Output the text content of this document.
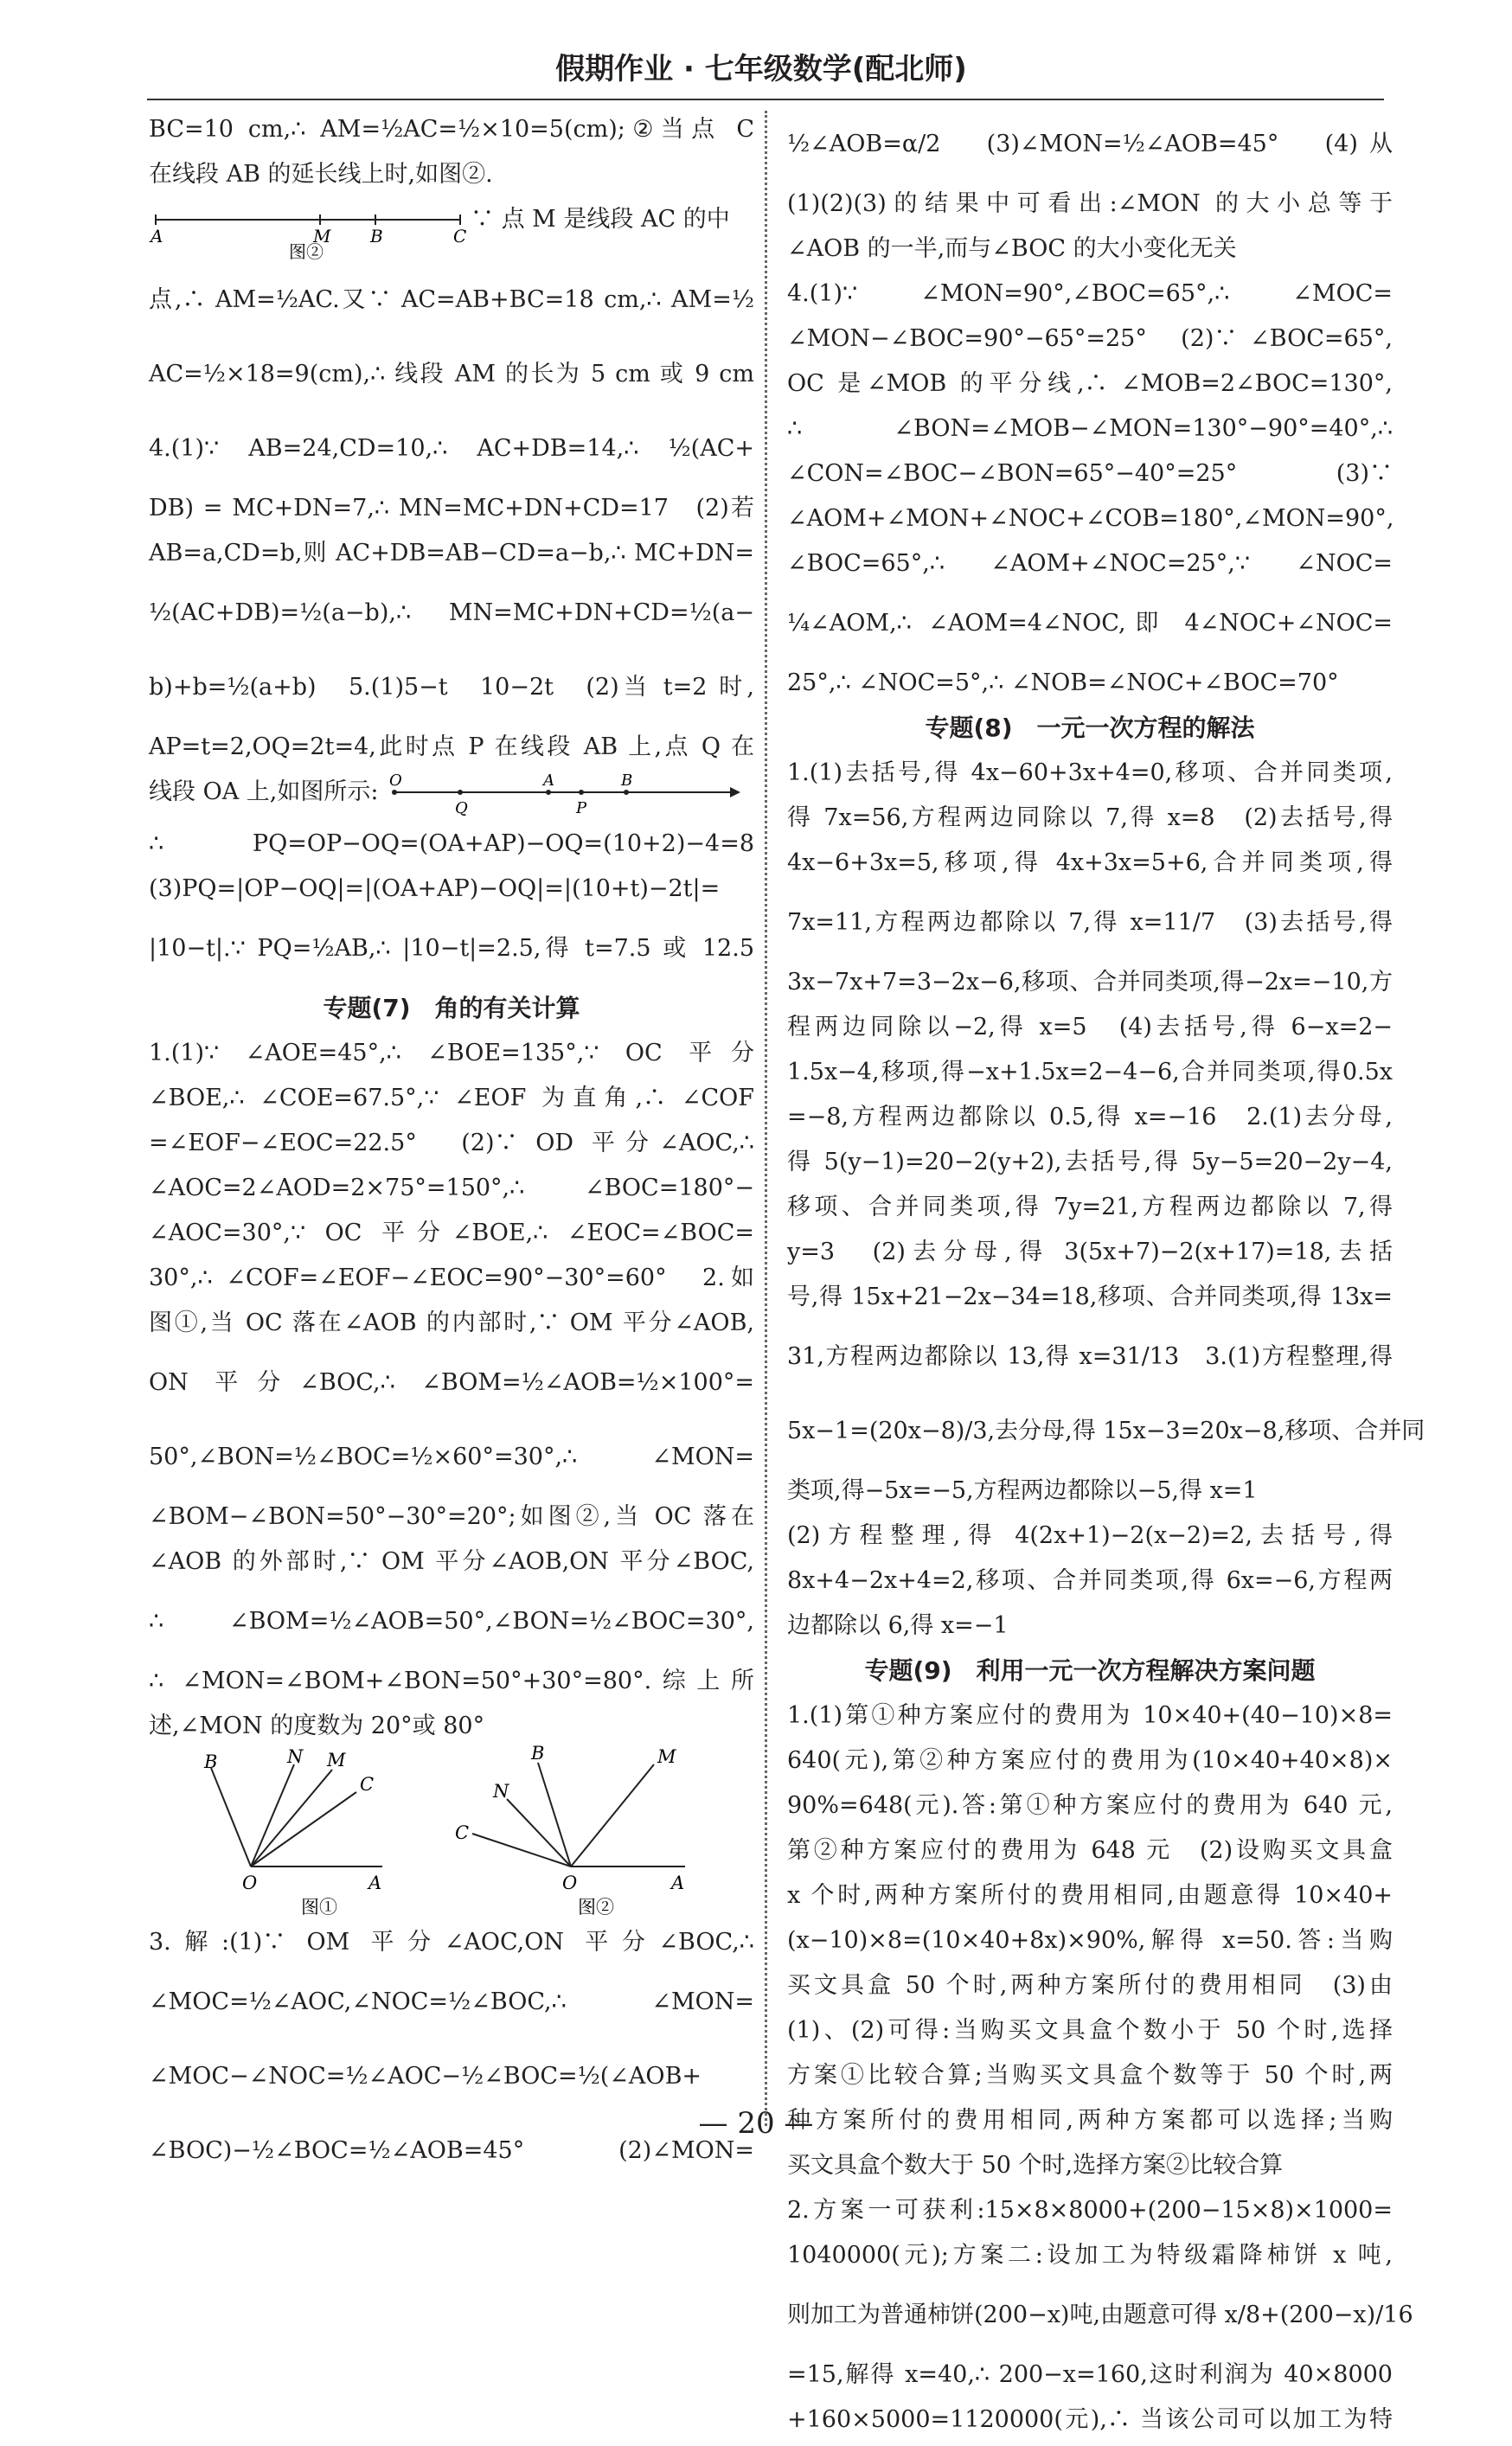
假期作业 · 七年级数学(配北师)
BC=10 cm,∴ AM=½AC=½×10=5(cm);②当点 C
在线段 AB 的延长线上时,如图②.
A	M B	C
图②
∵ 点 M 是线段 AC 的中
点,∴ AM=½AC.又∵ AC=AB+BC=18 cm,∴ AM=½
AC=½×18=9(cm),∴ 线段 AM 的长为 5 cm 或 9 cm
4.(1)∵ AB=24,CD=10,∴ AC+DB=14,∴ ½(AC+
DB) = MC+DN=7,∴ MN=MC+DN+CD=17　(2)若
AB=a,CD=b,则 AC+DB=AB−CD=a−b,∴ MC+DN=
½(AC+DB)=½(a−b),∴ MN=MC+DN+CD=½(a−
b)+b=½(a+b)　5.(1)5−t　10−2t　(2)当 t=2 时,
AP=t=2,OQ=2t=4,此时点 P 在线段 AB 上,点 Q 在
线段 OA 上,如图所示: O
Q
A
P
B
∴ PQ=OP−OQ=(OA+AP)−OQ=(10+2)−4=8
(3)PQ=|OP−OQ|=|(OA+AP)−OQ|=|(10+t)−2t|=
|10−t|.∵ PQ=½AB,∴ |10−t|=2.5,得 t=7.5 或 12.5
专题(7)　角的有关计算
1.(1)∵ ∠AOE=45°,∴ ∠BOE=135°,∵ OC 平分
∠BOE,∴ ∠COE=67.5°,∵ ∠EOF 为直角,∴ ∠COF
=∠EOF−∠EOC=22.5°　(2)∵ OD 平分∠AOC,∴
∠AOC=2∠AOD=2×75°=150°,∴ ∠BOC=180°−
∠AOC=30°,∵ OC 平分∠BOE,∴ ∠EOC=∠BOC=
30°,∴ ∠COF=∠EOF−∠EOC=90°−30°=60°　2.如
图①,当 OC 落在∠AOB 的内部时,∵ OM 平分∠AOB,
ON 平分∠BOC,∴ ∠BOM=½∠AOB=½×100°=
50°,∠BON=½∠BOC=½×60°=30°,∴ ∠MON=
∠BOM−∠BON=50°−30°=20°;如图②,当 OC 落在
∠AOB 的外部时,∵ OM 平分∠AOB,ON 平分∠BOC,
∴ ∠BOM=½∠AOB=50°,∠BON=½∠BOC=30°,
∴ ∠MON=∠BOM+∠BON=50°+30°=80°.综上所
述,∠MON 的度数为 20°或 80°
B	N M
C
O	A
图①
B	M
N
C
O	A
图②
3.解:(1)∵ OM 平分∠AOC,ON 平分∠BOC,∴
∠MOC=½∠AOC,∠NOC=½∠BOC,∴ ∠MON=
∠MOC−∠NOC=½∠AOC−½∠BOC=½(∠AOB+
∠BOC)−½∠BOC=½∠AOB=45°　(2)∠MON=
½∠AOB=α/2　(3)∠MON=½∠AOB=45°　(4)从
(1)(2)(3)的结果中可看出:∠MON 的大小总等于
∠AOB 的一半,而与∠BOC 的大小变化无关
4.(1)∵ ∠MON=90°,∠BOC=65°,∴ ∠MOC=
∠MON−∠BOC=90°−65°=25°　(2)∵ ∠BOC=65°,
OC 是∠MOB 的平分线,∴ ∠MOB=2∠BOC=130°,
∴ ∠BON=∠MOB−∠MON=130°−90°=40°,∴
∠CON=∠BOC−∠BON=65°−40°=25°　(3)∵
∠AOM+∠MON+∠NOC+∠COB=180°,∠MON=90°,
∠BOC=65°,∴ ∠AOM+∠NOC=25°,∵ ∠NOC=
¼∠AOM,∴ ∠AOM=4∠NOC,即 4∠NOC+∠NOC=
25°,∴ ∠NOC=5°,∴ ∠NOB=∠NOC+∠BOC=70°
专题(8)　一元一次方程的解法
1.(1)去括号,得 4x−60+3x+4=0,移项、合并同类项,
得 7x=56,方程两边同除以 7,得 x=8　(2)去括号,得
4x−6+3x=5,移项,得 4x+3x=5+6,合并同类项,得
7x=11,方程两边都除以 7,得 x=11/7　(3)去括号,得
3x−7x+7=3−2x−6,移项、合并同类项,得−2x=−10,方
程两边同除以−2,得 x=5　(4)去括号,得 6−x=2−
1.5x−4,移项,得−x+1.5x=2−4−6,合并同类项,得0.5x
=−8,方程两边都除以 0.5,得 x=−16　2.(1)去分母,
得 5(y−1)=20−2(y+2),去括号,得 5y−5=20−2y−4,
移项、合并同类项,得 7y=21,方程两边都除以 7,得
y=3　(2)去分母,得 3(5x+7)−2(x+17)=18,去括
号,得 15x+21−2x−34=18,移项、合并同类项,得 13x=
31,方程两边都除以 13,得 x=31/13　3.(1)方程整理,得
5x−1=(20x−8)/3,去分母,得 15x−3=20x−8,移项、合并同
类项,得−5x=−5,方程两边都除以−5,得 x=1
(2)方程整理,得 4(2x+1)−2(x−2)=2,去括号,得
8x+4−2x+4=2,移项、合并同类项,得 6x=−6,方程两
边都除以 6,得 x=−1
专题(9)　利用一元一次方程解决方案问题
1.(1)第①种方案应付的费用为 10×40+(40−10)×8=
640(元),第②种方案应付的费用为(10×40+40×8)×
90%=648(元).答:第①种方案应付的费用为 640 元,
第②种方案应付的费用为 648 元　(2)设购买文具盒
x 个时,两种方案所付的费用相同,由题意得 10×40+
(x−10)×8=(10×40+8x)×90%,解得 x=50.答:当购
买文具盒 50 个时,两种方案所付的费用相同　(3)由
(1)、(2)可得:当购买文具盒个数小于 50 个时,选择
方案①比较合算;当购买文具盒个数等于 50 个时,两
种方案所付的费用相同,两种方案都可以选择;当购
买文具盒个数大于 50 个时,选择方案②比较合算
2.方案一可获利:15×8×8000+(200−15×8)×1000=
1040000(元);方案二:设加工为特级霜降柿饼 x 吨,
则加工为普通柿饼(200−x)吨,由题意可得 x/8+(200−x)/16
=15,解得 x=40,∴ 200−x=160,这时利润为 40×8000
+160×5000=1120000(元),∴ 当该公司可以加工为特
— 20 —
